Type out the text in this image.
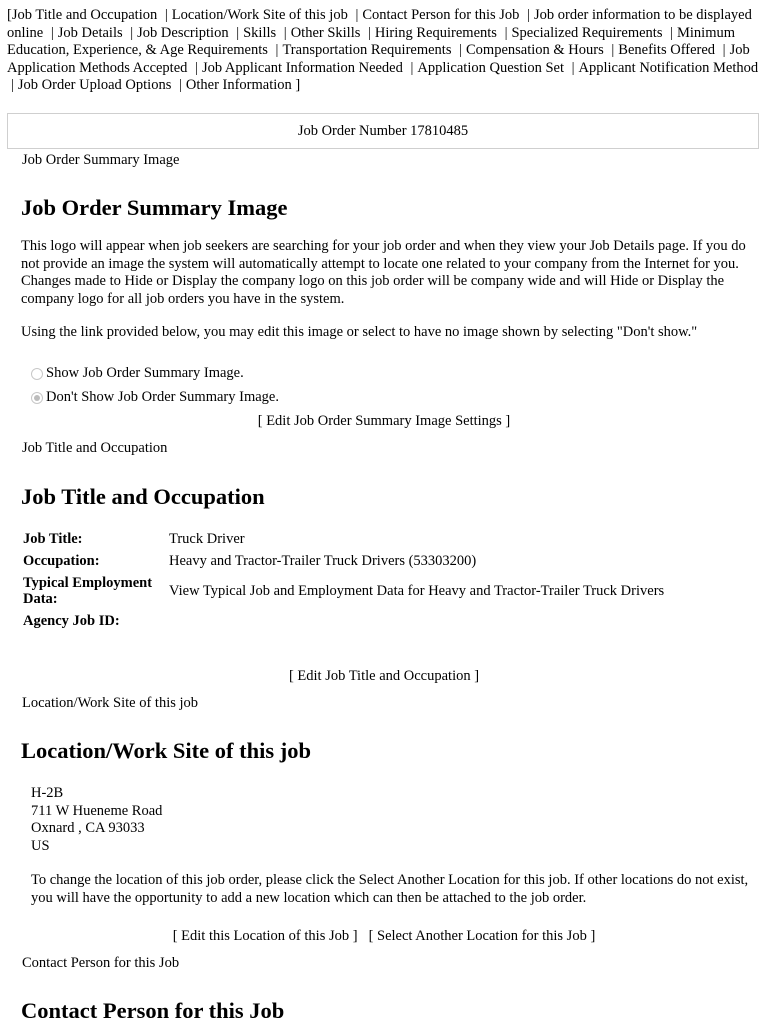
[Job Title and Occupation | Location/Work Site of this job | Contact Person for this Job | Job order information to be displayed online | Job Details | Job Description | Skills | Other Skills | Hiring Requirements | Specialized Requirements | Minimum Education, Experience, & Age Requirements | Transportation Requirements | Compensation & Hours | Benefits Offered | Job Application Methods Accepted | Job Applicant Information Needed | Application Question Set | Applicant Notification Method | Job Order Upload Options | Other Information ]
Job Order Number 17810485
Job Order Summary Image
Job Order Summary Image

This logo will appear when job seekers are searching for your job order and when they view your Job Details page. If you do not provide an image the system will automatically attempt to locate one related to your company from the Internet for you. Changes made to Hide or Display the company logo on this job order will be company wide and will Hide or Display the company logo for all job orders you have in the system.

Using the link provided below, you may edit this image or select to have no image shown by selecting "Don't show."

Show Job Order Summary Image.
Don't Show Job Order Summary Image.
[ Edit Job Order Summary Image Settings ]
Job Title and Occupation
Job Title and Occupation
Job Title:	Truck Driver
Occupation:	Heavy and Tractor-Trailer Truck Drivers (53303200)
Typical Employment Data:	View Typical Job and Employment Data for Heavy and Tractor-Trailer Truck Drivers
Agency Job ID:	
[ Edit Job Title and Occupation ]
Location/Work Site of this job
Location/Work Site of this job
H-2B
711 W Hueneme Road
Oxnard , CA 93033
US

To change the location of this job order, please click the Select Another Location for this job. If other locations do not exist, you will have the opportunity to add a new location which can then be attached to the job order.

[ Edit this Location of this Job ] [ Select Another Location for this Job ]
Contact Person for this Job
Contact Person for this Job
